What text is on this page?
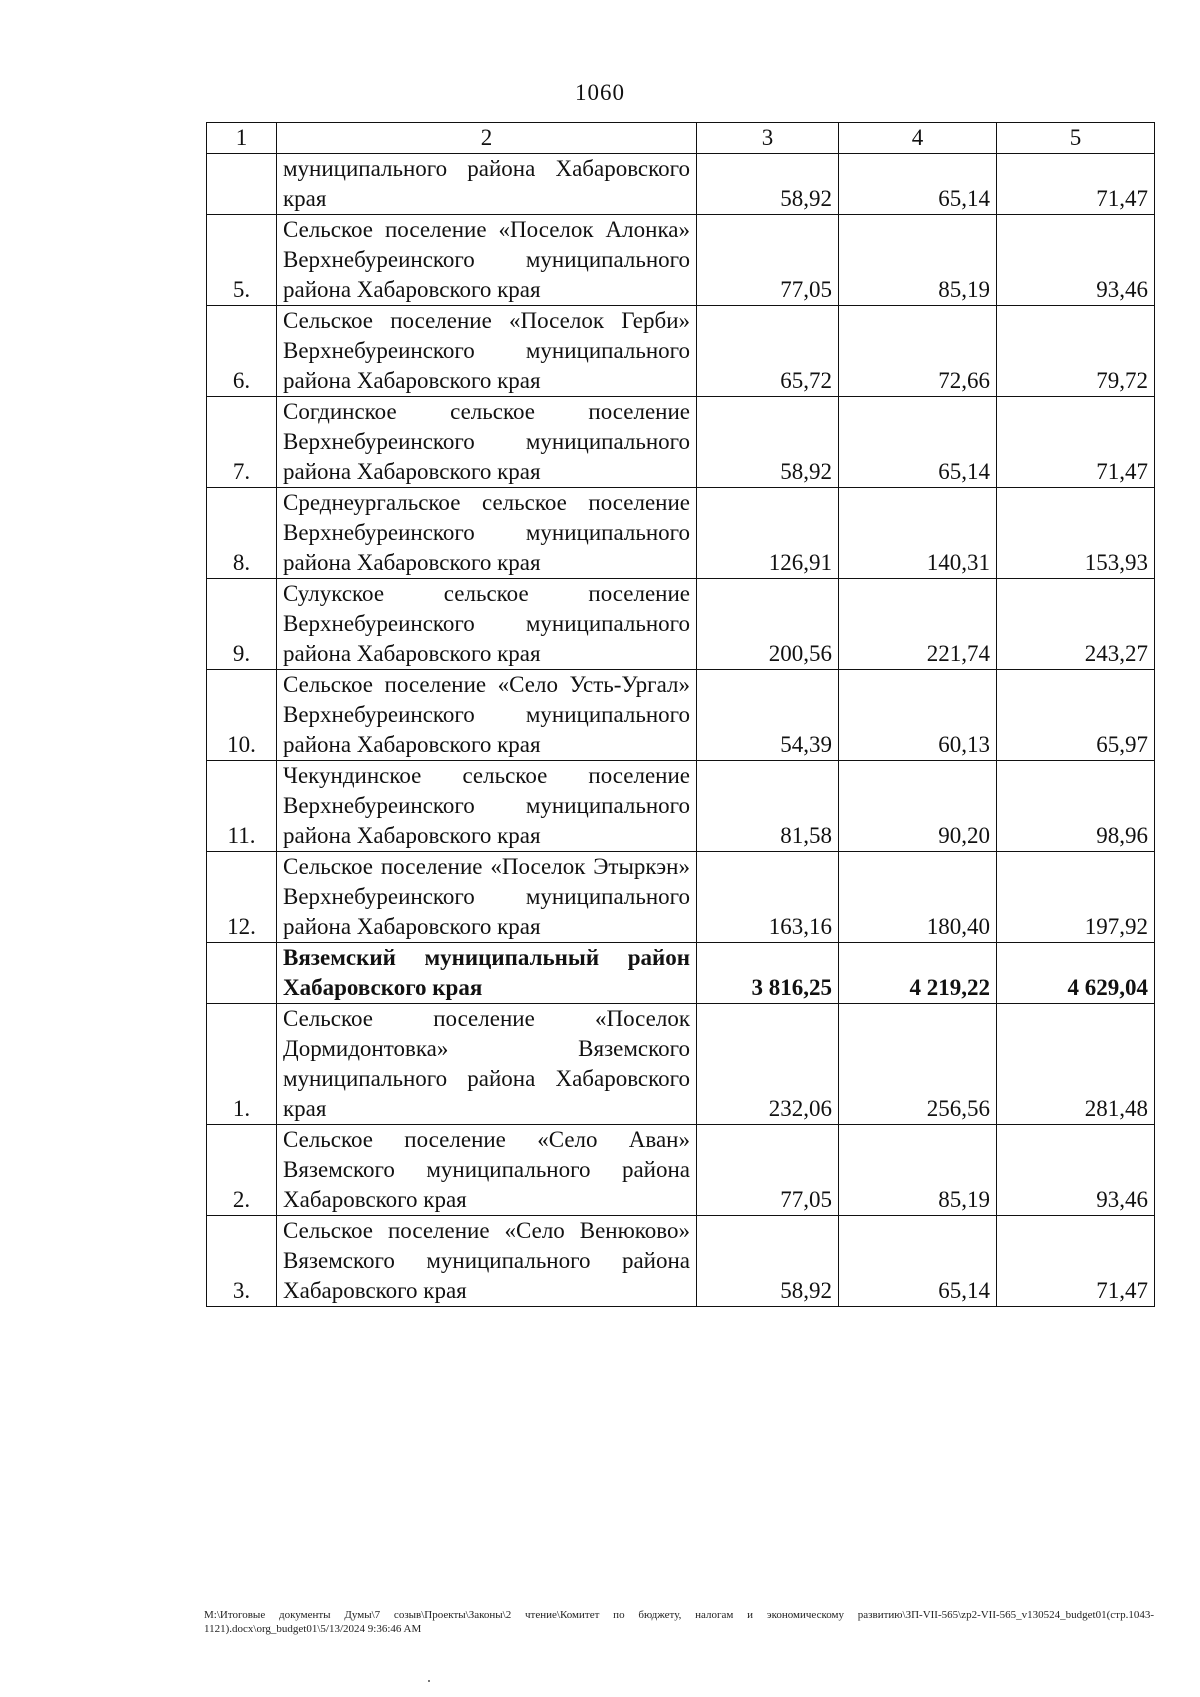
1060
1	2	3	4	5
	муниципального района Хабаровского края	58,92	65,14	71,47
5.	Сельское поселение «Поселок Алонка» Верхнебуреинского муниципального района Хабаровского края	77,05	85,19	93,46
6.	Сельское поселение «Поселок Герби» Верхнебуреинского муниципального района Хабаровского края	65,72	72,66	79,72
7.	Согдинское сельское поселение Верхнебуреинского муниципального района Хабаровского края	58,92	65,14	71,47
8.	Среднеургальское сельское поселение Верхнебуреинского муниципального района Хабаровского края	126,91	140,31	153,93
9.	Сулукское сельское поселение Верхнебуреинского муниципального района Хабаровского края	200,56	221,74	243,27
10.	Сельское поселение «Село Усть-Ургал» Верхнебуреинского муниципального района Хабаровского края	54,39	60,13	65,97
11.	Чекундинское сельское поселение Верхнебуреинского муниципального района Хабаровского края	81,58	90,20	98,96
12.	Сельское поселение «Поселок Этыркэн» Верхнебуреинского муниципального района Хабаровского края	163,16	180,40	197,92
	Вяземский муниципальный район Хабаровского края	3 816,25	4 219,22	4 629,04
1.	Сельское поселение «Поселок Дормидонтовка» Вяземского муниципального района Хабаровского края	232,06	256,56	281,48
2.	Сельское поселение «Село Аван» Вяземского муниципального района Хабаровского края	77,05	85,19	93,46
3.	Сельское поселение «Село Венюково» Вяземского муниципального района Хабаровского края	58,92	65,14	71,47
М:\Итоговые документы Думы\7 созыв\Проекты\Законы\2 чтение\Комитет по бюджету, налогам и экономическому развитию\ЗП-VII-565\zp2-VII-565_v130524_budget01(стр.1043-1121).docx\org_budget01\5/13/2024 9:36:46 AM
